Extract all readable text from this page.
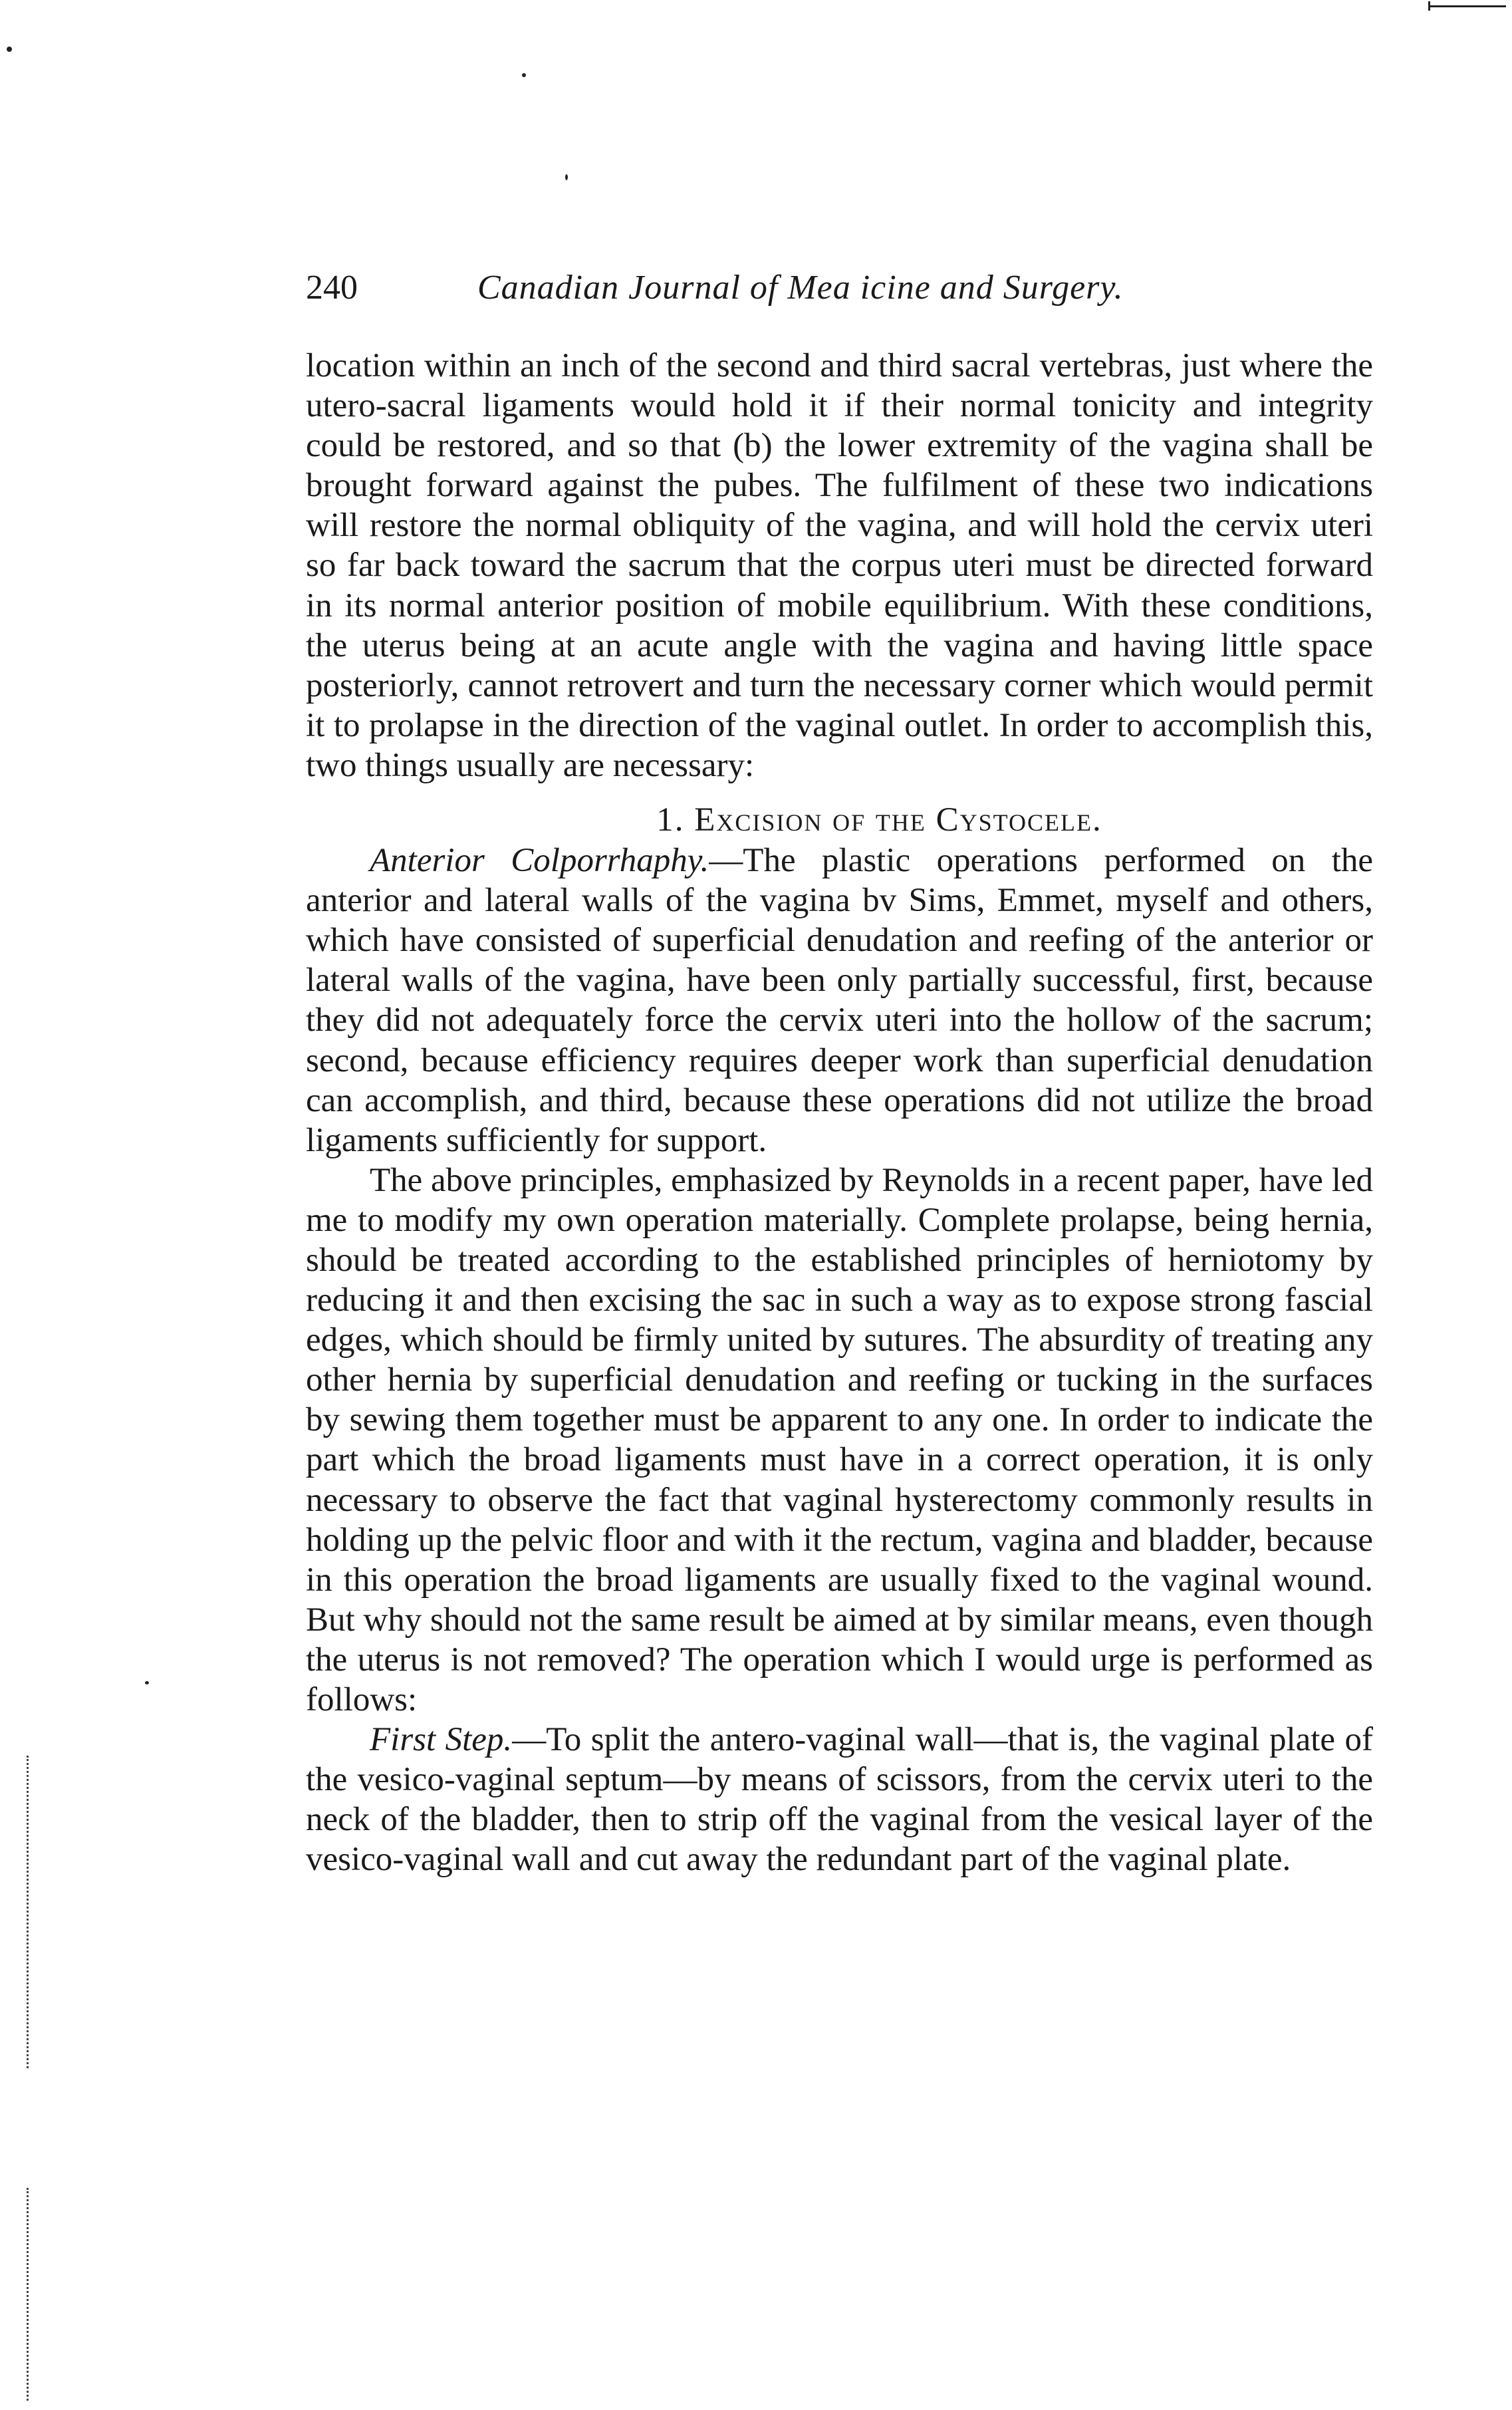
240	Canadian Journal of Mea icine and Surgery.

location within an inch of the second and third sacral vertebras, just where the utero-sacral ligaments would hold it if their normal tonicity and integrity could be restored, and so that (b) the lower extremity of the vagina shall be brought forward against the pubes. The fulfilment of these two indications will restore the normal obliquity of the vagina, and will hold the cervix uteri so far back toward the sacrum that the corpus uteri must be directed forward in its normal anterior position of mobile equilibrium. With these conditions, the uterus being at an acute angle with the vagina and having little space posteriorly, cannot retrovert and turn the necessary corner which would permit it to prolapse in the direction of the vaginal outlet. In order to accomplish this, two things usually are necessary:

1. Excision of the Cystocele.

Anterior Colporrhaphy.—The plastic operations performed on the anterior and lateral walls of the vagina bv Sims, Emmet, myself and others, which have consisted of superficial denudation and reefing of the anterior or lateral walls of the vagina, have been only partially successful, first, because they did not adequately force the cervix uteri into the hollow of the sacrum; second, because efficiency requires deeper work than superficial denudation can accomplish, and third, because these operations did not utilize the broad ligaments sufficiently for support.

The above principles, emphasized by Reynolds in a recent paper, have led me to modify my own operation materially. Complete prolapse, being hernia, should be treated according to the established principles of herniotomy by reducing it and then excising the sac in such a way as to expose strong fascial edges, which should be firmly united by sutures. The absurdity of treating any other hernia by superficial denudation and reefing or tucking in the surfaces by sewing them together must be apparent to any one. In order to indicate the part which the broad ligaments must have in a correct operation, it is only necessary to observe the fact that vaginal hysterectomy commonly results in holding up the pelvic floor and with it the rectum, vagina and bladder, because in this operation the broad ligaments are usually fixed to the vaginal wound. But why should not the same result be aimed at by similar means, even though the uterus is not removed? The operation which I would urge is performed as follows:

First Step.—To split the antero-vaginal wall—that is, the vaginal plate of the vesico-vaginal septum—by means of scissors, from the cervix uteri to the neck of the bladder, then to strip off the vaginal from the vesical layer of the vesico-vaginal wall and cut away the redundant part of the vaginal plate.
